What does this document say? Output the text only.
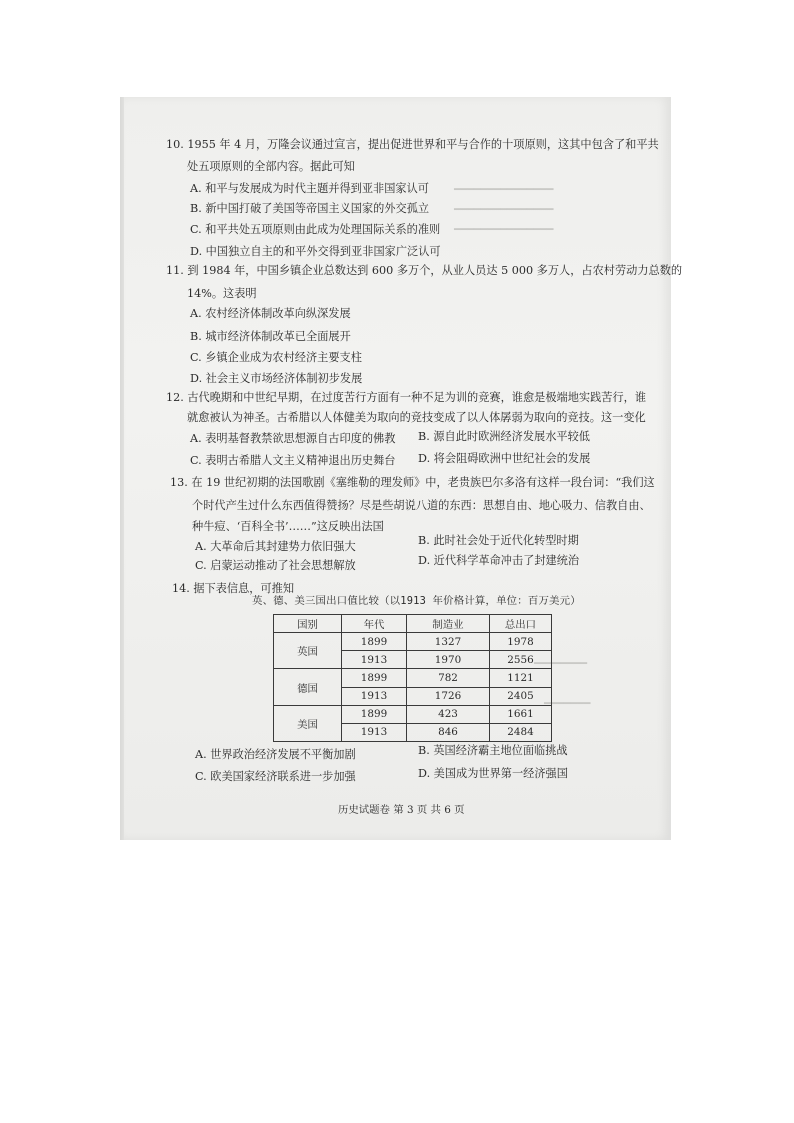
━━━━━━━━━━━━━━━
━━━━━━━━━━━━━━━
━━━━━━━━━━━━━━━
━━━━━━━━
━━━━━━━
10. 1955 年 4 月，万隆会议通过宣言，提出促进世界和平与合作的十项原则，这其中包含了和平共
处五项原则的全部内容。据此可知
A. 和平与发展成为时代主题并得到亚非国家认可
B. 新中国打破了美国等帝国主义国家的外交孤立
C. 和平共处五项原则由此成为处理国际关系的准则
D. 中国独立自主的和平外交得到亚非国家广泛认可
11. 到 1984 年，中国乡镇企业总数达到 600 多万个，从业人员达 5 000 多万人，占农村劳动力总数的
14%。这表明
A. 农村经济体制改革向纵深发展
B. 城市经济体制改革已全面展开
C. 乡镇企业成为农村经济主要支柱
D. 社会主义市场经济体制初步发展
12. 古代晚期和中世纪早期，在过度苦行方面有一种不足为训的竞赛，谁愈是极端地实践苦行，谁
就愈被认为神圣。古希腊以人体健美为取向的竞技变成了以人体孱弱为取向的竞技。这一变化
A. 表明基督教禁欲思想源自古印度的佛教 B. 源自此时欧洲经济发展水平较低
C. 表明古希腊人文主义精神退出历史舞台 D. 将会阻碍欧洲中世纪社会的发展
13. 在 19 世纪初期的法国歌剧《塞维勒的理发师》中，老贵族巴尔多洛有这样一段台词：“我们这
个时代产生过什么东西值得赞扬？尽是些胡说八道的东西：思想自由、地心吸力、信教自由、
种牛痘、‘百科全书’……”这反映出法国
A. 大革命后其封建势力依旧强大	B. 此时社会处于近代化转型时期
C. 启蒙运动推动了社会思想解放	D. 近代科学革命冲击了封建统治
14. 据下表信息，可推知
英、德、美三国出口值比较（以1913 年价格计算，单位：百万美元）
国别	年代	制造业	总出口
英国	1899	1327	1978
	1913	1970	2556
德国	1899	782	1121
	1913	1726	2405
美国	1899	423	1661
	1913	846	2484
A. 世界政治经济发展不平衡加剧	B. 英国经济霸主地位面临挑战
C. 欧美国家经济联系进一步加强	D. 美国成为世界第一经济强国
历史试题卷 第 3 页 共 6 页
